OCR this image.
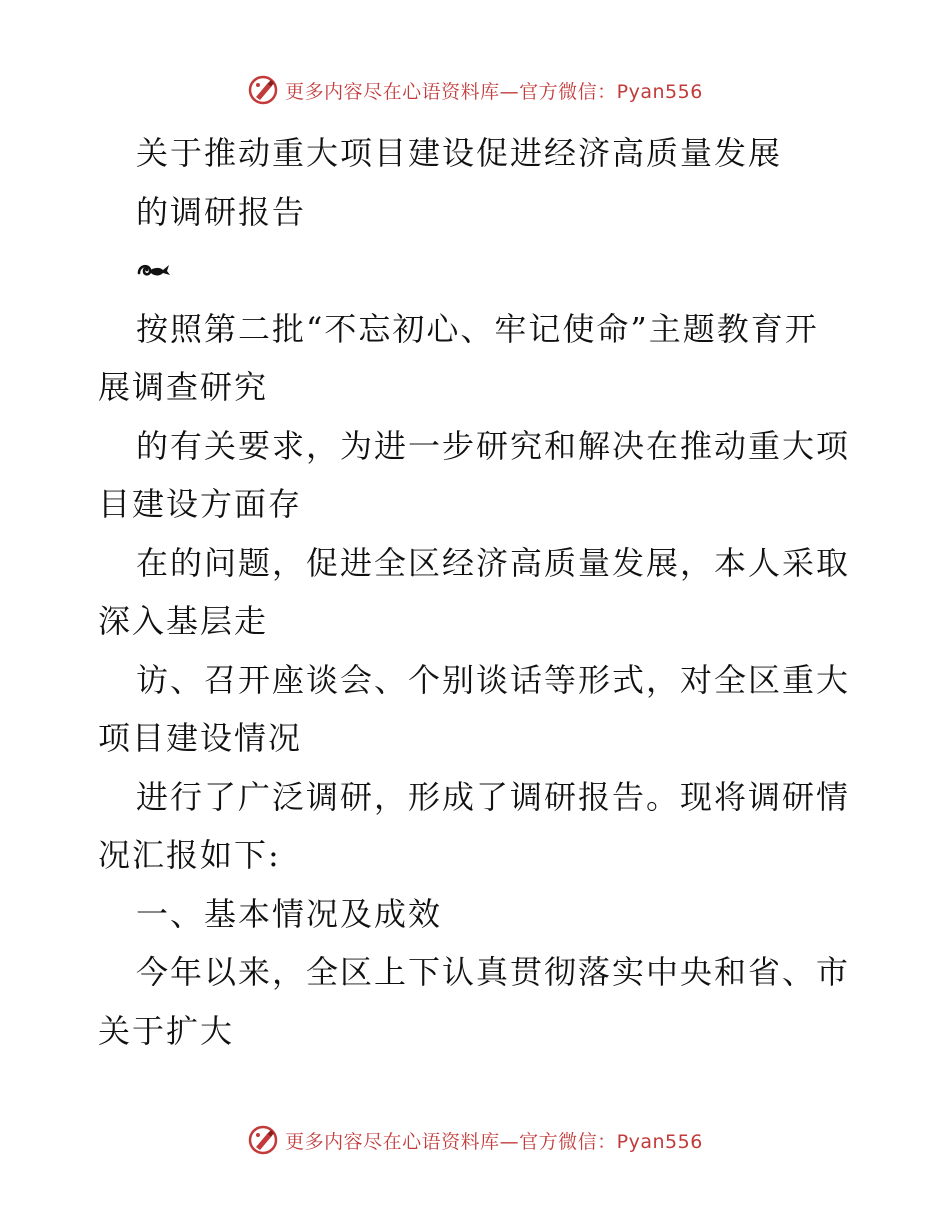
更多内容尽在心语资料库—官方微信：Pyan556
关于推动重大项目建设促进经济高质量发展
的调研报告
按照第二批“不忘初心、牢记使命”主题教育开
展调查研究
的有关要求，为进一步研究和解决在推动重大项
目建设方面存
在的问题，促进全区经济高质量发展，本人采取
深入基层走
访、召开座谈会、个别谈话等形式，对全区重大
项目建设情况
进行了广泛调研，形成了调研报告。现将调研情
况汇报如下:
一、基本情况及成效
今年以来，全区上下认真贯彻落实中央和省、市
关于扩大
更多内容尽在心语资料库—官方微信：Pyan556
